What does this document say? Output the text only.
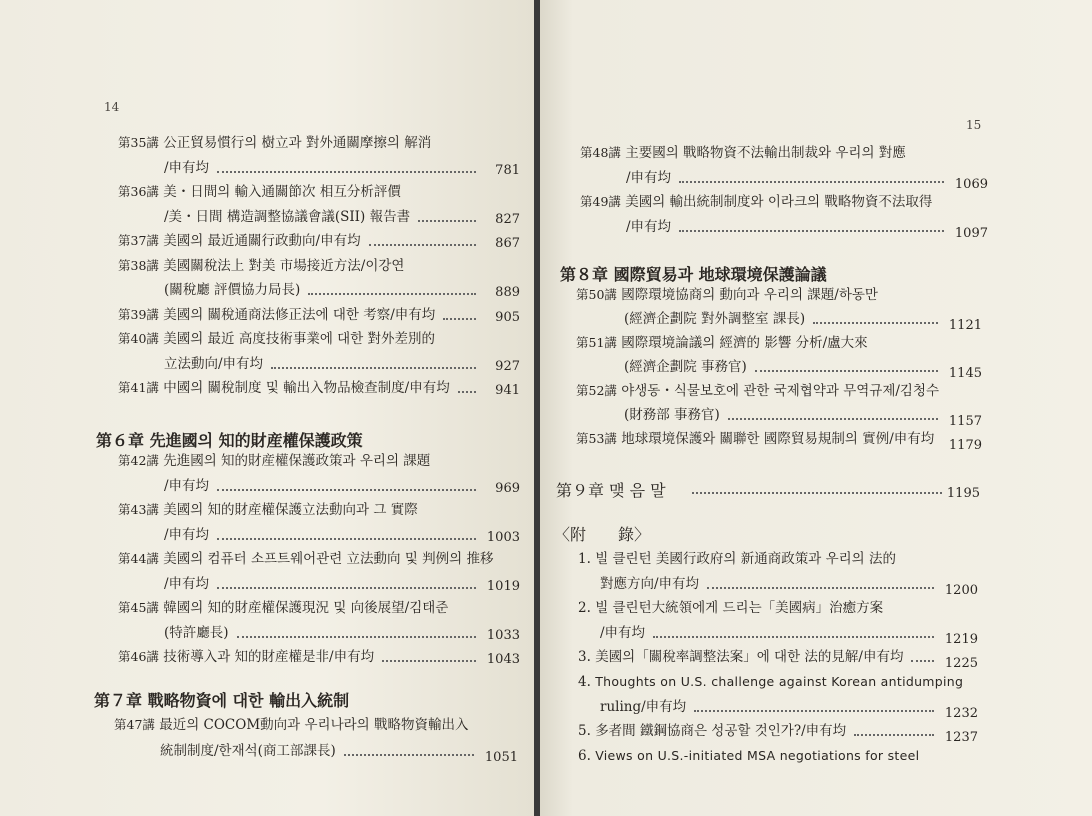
14
第35講 公正貿易慣行의 樹立과 對外通關摩擦의 解消
/申有均	781
第36講 美・日間의 輸入通關節次 相互分析評價
/美・日間 構造調整協議會議(SII) 報告書	827
第37講 美國의 最近通關行政動向/申有均	867
第38講 美國關稅法上 對美 市場接近方法/이강연
(關稅廳 評價協力局長)	889
第39講 美國의 關稅通商法修正法에 대한 考察/申有均	905
第40講 美國의 最近 高度技術事業에 대한 對外差別的
立法動向/申有均	927
第41講 中國의 關稅制度 및 輸出入物品檢查制度/申有均	941
第６章 先進國의 知的財産權保護政策
第42講 先進國의 知的財産權保護政策과 우리의 課題
/申有均	969
第43講 美國의 知的財産權保護立法動向과 그 實際
/申有均	1003
第44講 美國의 컴퓨터 소프트웨어관련 立法動向 및 判例의 推移
/申有均	1019
第45講 韓國의 知的財産權保護現況 및 向後展望/김태준
(特許廳長)	1033
第46講 技術導入과 知的財産權是非/申有均	1043
第７章 戰略物資에 대한 輸出入統制
第47講 最近의 COCOM動向과 우리나라의 戰略物資輸出入
統制制度/한재석(商工部課長)	1051
15
第48講 主要國의 戰略物資不法輸出制裁와 우리의 對應
/申有均	1069
第49講 美國의 輸出統制制度와 이라크의 戰略物資不法取得
/申有均	1097
第８章 國際貿易과 地球環境保護論議
第50講 國際環境協商의 動向과 우리의 課題/하동만
(經濟企劃院 對外調整室 課長)	1121
第51講 國際環境論議의 經濟的 影響 分析/盧大來
(經濟企劃院 事務官)	1145
第52講 야생동・식물보호에 관한 국제협약과 무역규제/김청수
(財務部 事務官)	1157
第53講 地球環境保護와 關聯한 國際貿易規制의 實例/申有均 1179
第９章 맺 음 말	1195
〈附　　錄〉
1. 빌 클린턴 美國行政府의 新通商政策과 우리의 法的
對應方向/申有均	1200
2. 빌 클린턴大統領에게 드리는「美國病」治癒方案
/申有均	1219
3. 美國의「關稅率調整法案」에 대한 法的見解/申有均	1225
4. Thoughts on U.S. challenge against Korean antidumping
ruling/申有均	1232
5. 多者間 鐵鋼協商은 성공할 것인가?/申有均	1237
6. Views on U.S.-initiated MSA negotiations for steel
